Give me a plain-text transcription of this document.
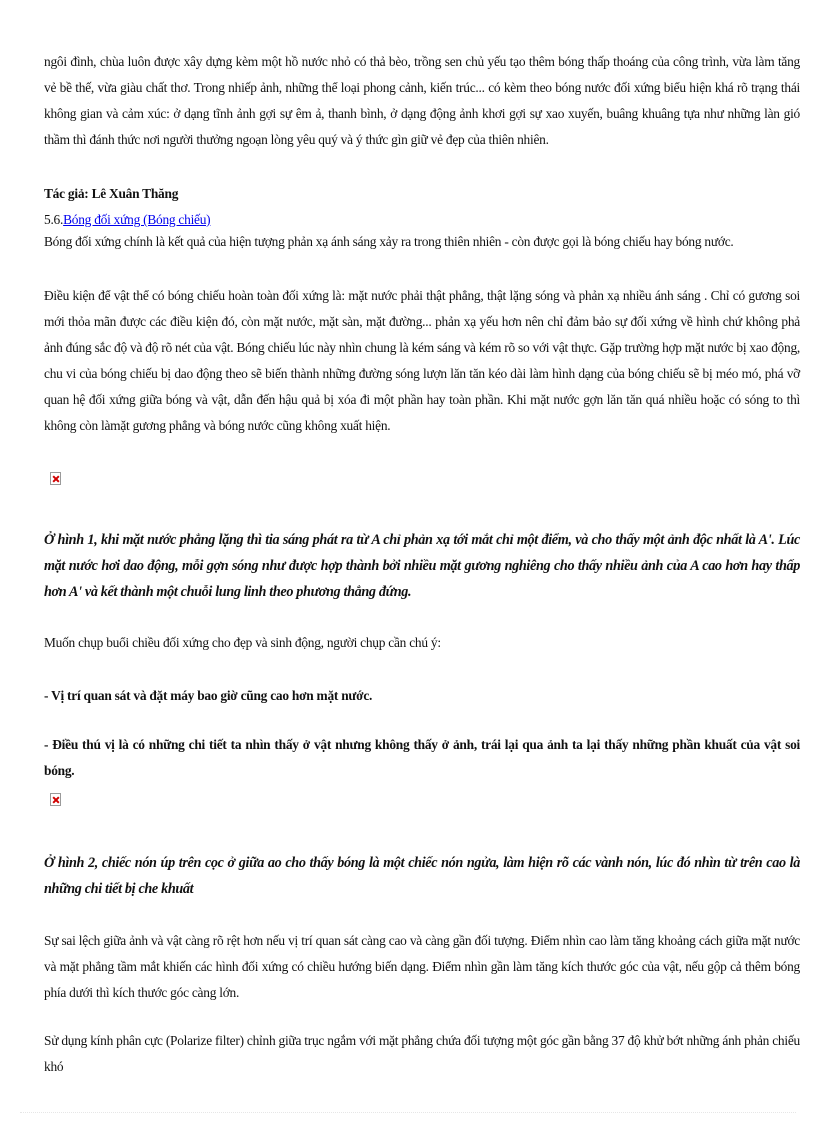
ngôi đình, chùa luôn được xây dựng kèm một hồ nước nhỏ có thả bèo, trồng sen chủ yếu tạo thêm bóng thấp thoáng của công trình, vừa làm tăng vẻ bề thế, vừa giàu chất thơ. Trong nhiếp ảnh, những thể loại phong cảnh, kiến trúc... có kèm theo bóng nước đối xứng biểu hiện khá rõ trạng thái không gian và cảm xúc: ở dạng tĩnh ảnh gợi sự êm ả, thanh bình, ở dạng động ảnh khơi gợi sự xao xuyến, buâng khuâng tựa như những làn gió thầm thì đánh thức nơi người thưởng ngoạn lòng yêu quý và ý thức gìn giữ vẻ đẹp của thiên nhiên.
Tác giả: Lê Xuân Thăng
5.6.Bóng đối xứng (Bóng chiếu)
Bóng đối xứng chính là kết quả của hiện tượng phản xạ ánh sáng xảy ra trong thiên nhiên - còn được gọi là bóng chiếu hay bóng nước.
Điều kiện để vật thể có bóng chiếu hoàn toàn đối xứng là: mặt nước phải thật phẳng, thật lặng sóng và phản xạ nhiều ánh sáng . Chỉ có gương soi mới thỏa mãn được các điều kiện đó, còn mặt nước, mặt sàn, mặt đường... phản xạ yếu hơn nên chỉ đảm bảo sự đối xứng về hình chứ không phả ảnh đúng sắc độ và độ rõ nét của vật. Bóng chiếu lúc này nhìn chung là kém sáng và kém rõ so với vật thực. Gặp trường hợp mặt nước bị xao động, chu vi của bóng chiếu bị dao động theo sẽ biến thành những đường sóng lượn lăn tăn kéo dài làm hình dạng của bóng chiếu sẽ bị méo mó, phá vỡ quan hệ đối xứng giữa bóng và vật, dẫn đến hậu quả bị xóa đi một phần hay toàn phần. Khi mặt nước gợn lăn tăn quá nhiều hoặc có sóng to thì không còn làmặt gương phẳng và bóng nước cũng không xuất hiện.
Ở hình 1, khi mặt nước phẳng lặng thì tia sáng phát ra từ A chỉ phản xạ tới mắt chỉ một điểm, và cho thấy một ảnh độc nhất là A'. Lúc mặt nước hơi dao động, mỗi gợn sóng như được hợp thành bởi nhiều mặt gương nghiêng cho thấy nhiều ảnh của A cao hơn hay thấp hơn A' và kết thành một chuỗi lung linh theo phương thẳng đứng.
Muốn chụp buổi chiều đối xứng cho đẹp và sinh động, người chụp cần chú ý:
- Vị trí quan sát và đặt máy bao giờ cũng cao hơn mặt nước.
- Điều thú vị là có những chi tiết ta nhìn thấy ở vật nhưng không thấy ở ảnh, trái lại qua ảnh ta lại thấy những phần khuất của vật soi bóng.
Ở hình 2, chiếc nón úp trên cọc ở giữa ao cho thấy bóng là một chiếc nón ngửa, làm hiện rõ các vành nón, lúc đó nhìn từ trên cao là những chi tiết bị che khuất
Sự sai lệch giữa ảnh và vật càng rõ rệt hơn nếu vị trí quan sát càng cao và càng gần đối tượng. Điểm nhìn cao làm tăng khoảng cách giữa mặt nước và mặt phẳng tầm mắt khiến các hình đối xứng có chiều hướng biến dạng. Điểm nhìn gần làm tăng kích thước góc của vật, nếu gộp cả thêm bóng phía dưới thì kích thước góc càng lớn.
Sử dụng kính phân cực (Polarize filter) chỉnh giữa trục ngắm với mặt phẳng chứa đối tượng một góc gần bằng 37 độ khử bớt những ánh phản chiếu khó
